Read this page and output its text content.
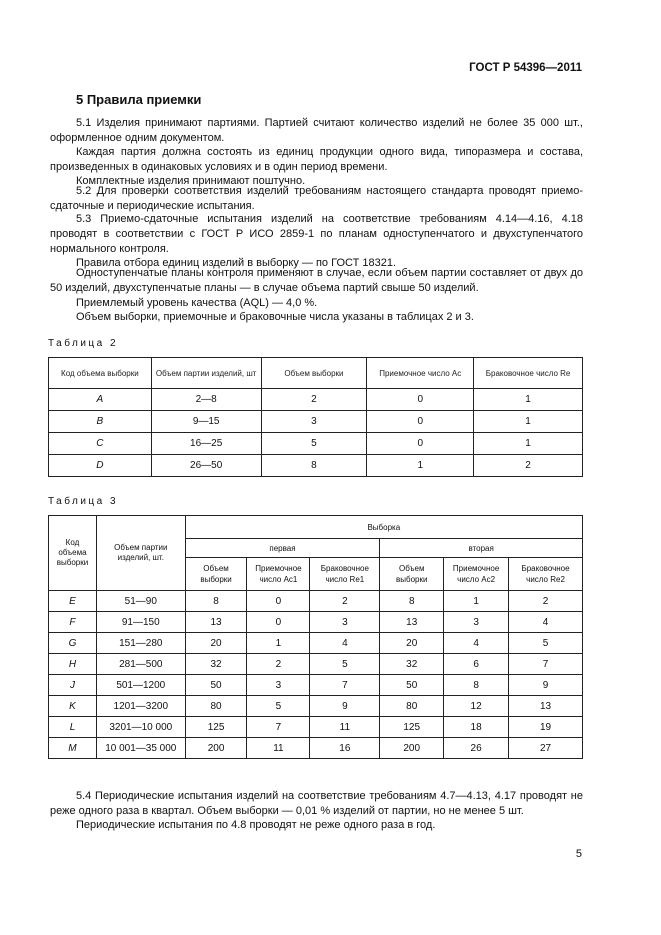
ГОСТ Р 54396—2011
5 Правила приемки

5.1 Изделия принимают партиями. Партией считают количество изделий не более 35 000 шт., оформленное одним документом.

Каждая партия должна состоять из единиц продукции одного вида, типоразмера и состава, произведенных в одинаковых условиях и в один период времени.

Комплектные изделия принимают поштучно.

5.2 Для проверки соответствия изделий требованиям настоящего стандарта проводят приемо-сдаточные и периодические испытания.

5.3 Приемо-сдаточные испытания изделий на соответствие требованиям 4.14—4.16, 4.18 проводят в соответствии с ГОСТ Р ИСО 2859-1 по планам одноступенчатого и двухступенчатого нормального контроля.

Правила отбора единиц изделий в выборку — по ГОСТ 18321.

Одноступенчатые планы контроля применяют в случае, если объем партии составляет от двух до 50 изделий, двухступенчатые планы — в случае объема партий свыше 50 изделий.

Приемлемый уровень качества (AQL) — 4,0 %.

Объем выборки, приемочные и браковочные числа указаны в таблицах 2 и 3.

Таблица 2
Код объема выборки	Объем партии изделий, шт	Объем выборки	Приемочное число Ac	Браковочное число Re
A	2—8	2	0	1
B	9—15	3	0	1
C	16—25	5	0	1
D	26—50	8	1	2
Таблица 3
Код объема выборки	Объем партии изделий, шт.	Выборка					
		первая			вторая		
		Объем выборки	Приемочное число Ac1	Браковочное число Re1	Объем выборки	Приемочное число Ac2	Браковочное число Re2
E	51—90	8	0	2	8	1	2
F	91—150	13	0	3	13	3	4
G	151—280	20	1	4	20	4	5
H	281—500	32	2	5	32	6	7
J	501—1200	50	3	7	50	8	9
K	1201—3200	80	5	9	80	12	13
L	3201—10 000	125	7	11	125	18	19
M	10 001—35 000	200	11	16	200	26	27

5.4 Периодические испытания изделий на соответствие требованиям 4.7—4.13, 4.17 проводят не реже одного раза в квартал. Объем выборки — 0,01 % изделий от партии, но не менее 5 шт.

Периодические испытания по 4.8 проводят не реже одного раза в год.

5
